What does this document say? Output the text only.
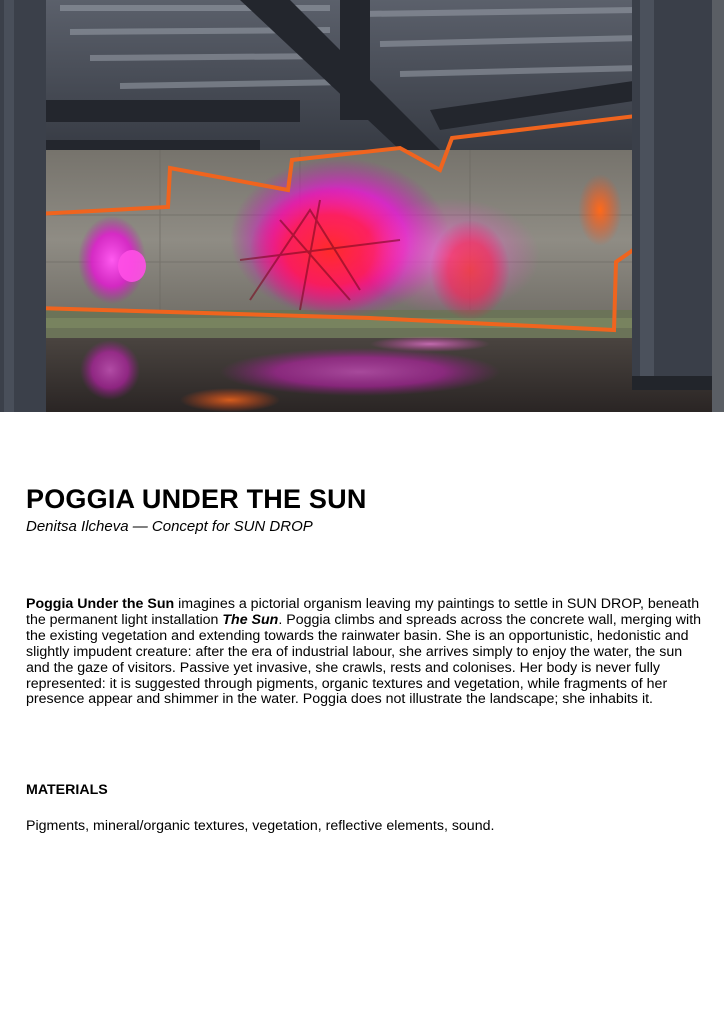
POGGIA UNDER THE SUN

Denitsa Ilcheva — Concept for SUN DROP

Poggia Under the Sun imagines a pictorial organism leaving my paintings to settle in SUN DROP, beneath the permanent light installation The Sun. Poggia climbs and spreads across the concrete wall, merging with the existing vegetation and extending towards the rainwater basin. She is an opportunistic, hedonistic and slightly impudent creature: after the era of industrial labour, she arrives simply to enjoy the water, the sun and the gaze of visitors. Passive yet invasive, she crawls, rests and colonises. Her body is never fully represented: it is suggested through pigments, organic textures and vegetation, while fragments of her presence appear and shimmer in the water. Poggia does not illustrate the landscape; she inhabits it.

MATERIALS

Pigments, mineral/organic textures, vegetation, reﬂective elements, sound.
